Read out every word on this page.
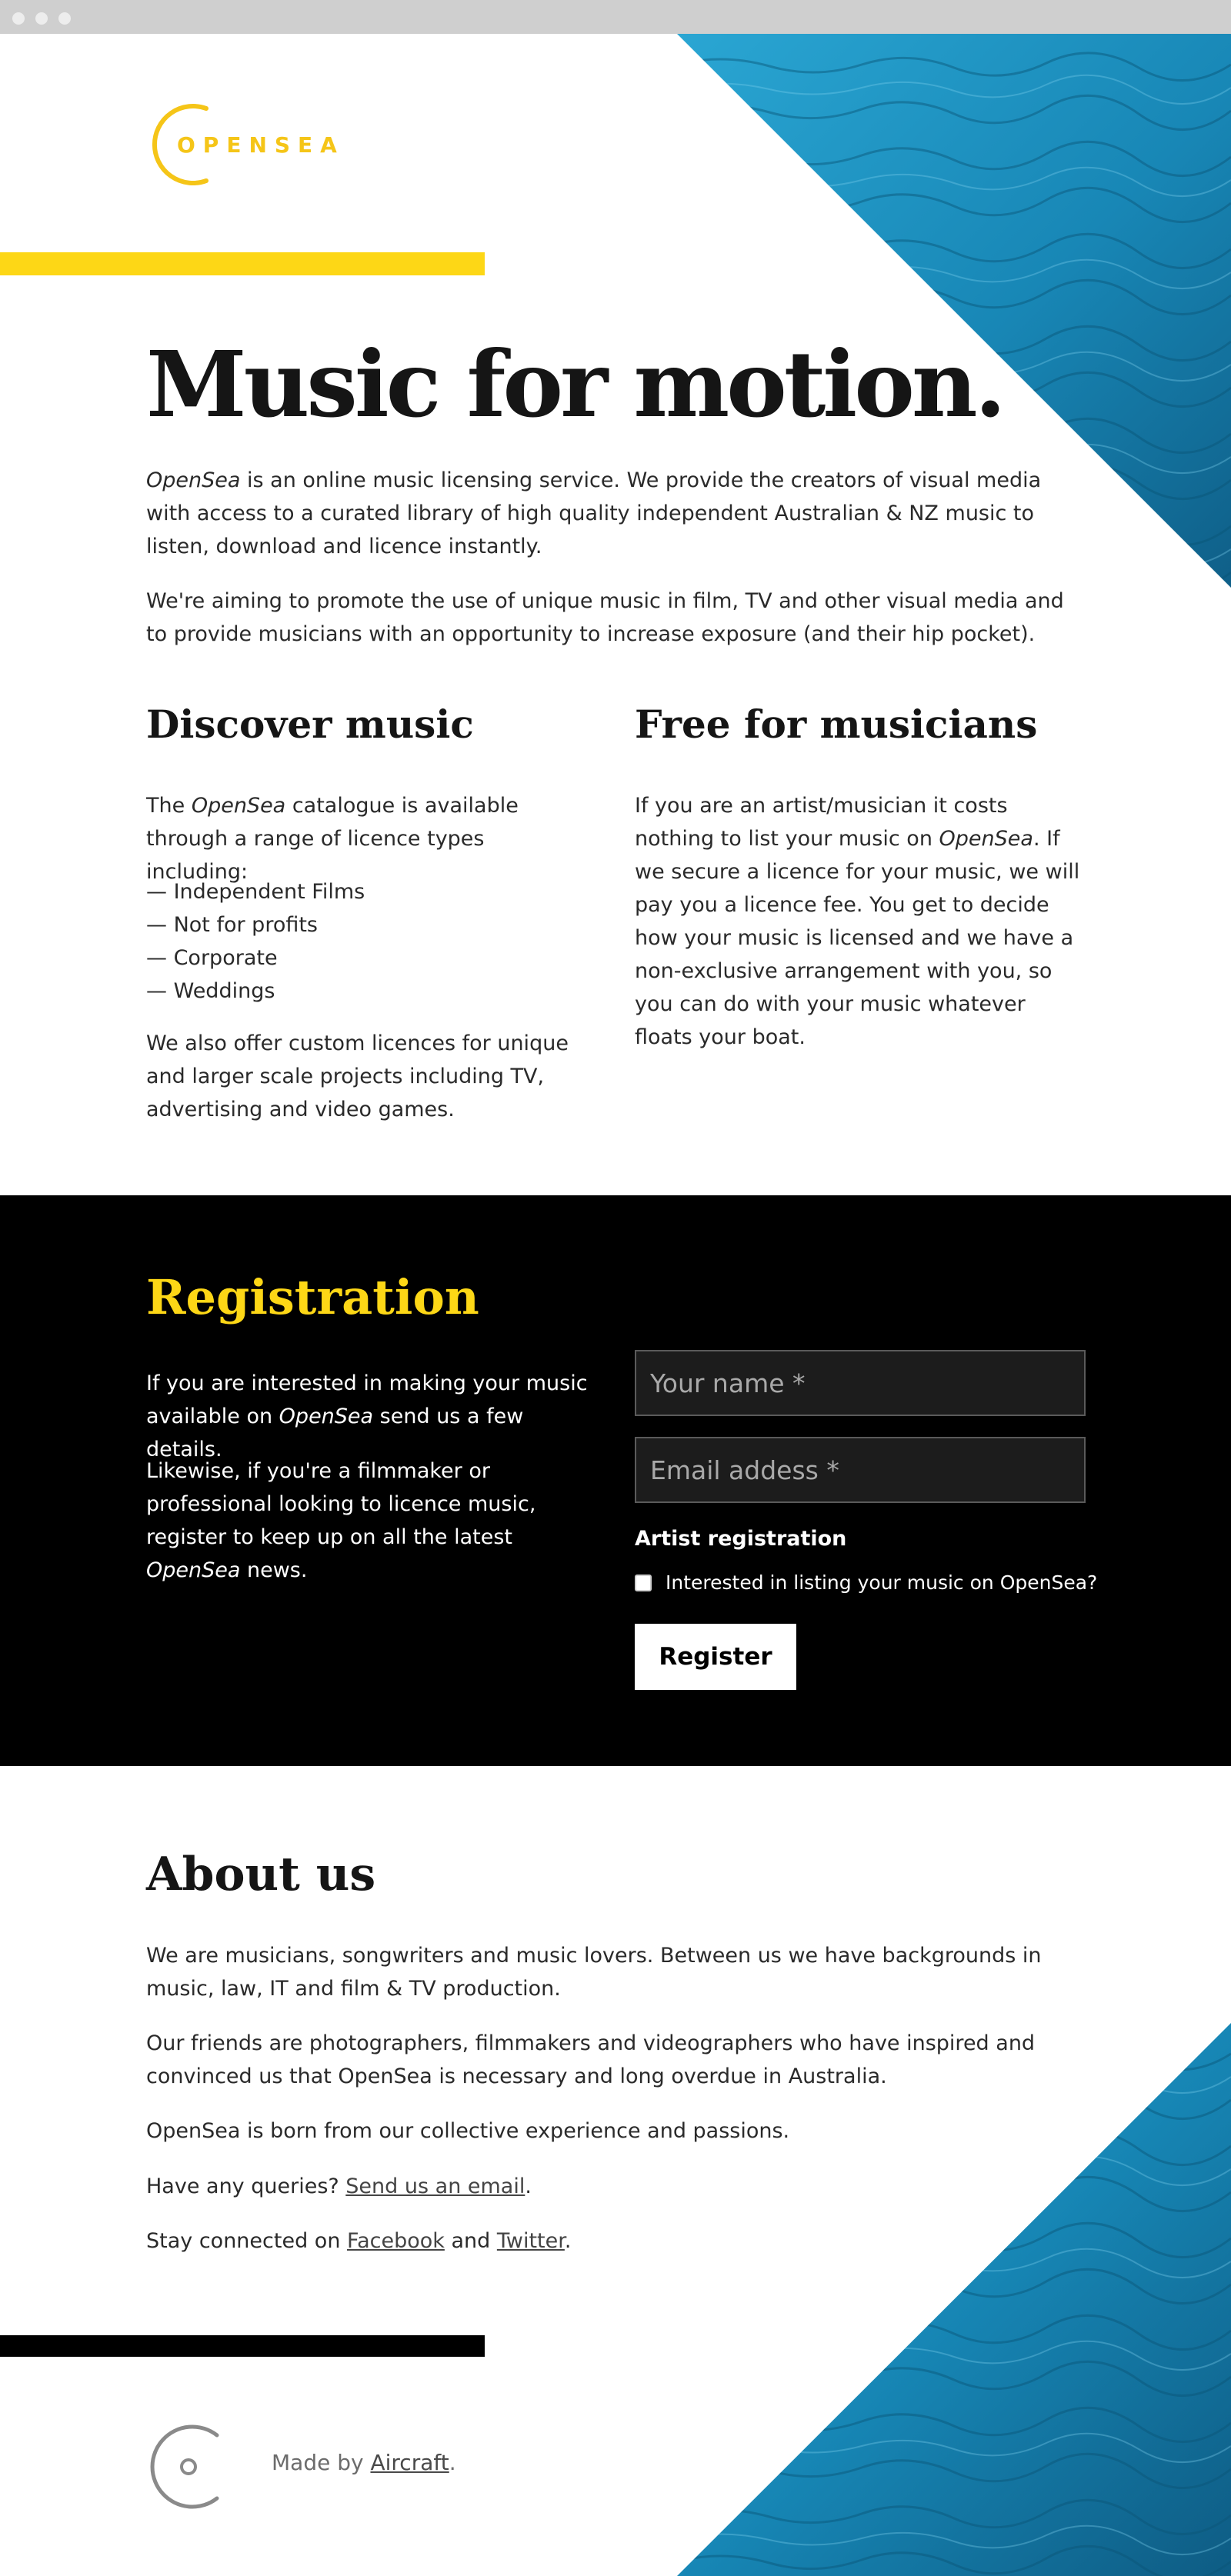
OPENSEA
Music for motion.

OpenSea is an online music licensing service. We provide the creators of visual media with access to a curated library of high quality independent Australian & NZ music to listen, download and licence instantly.

We're aiming to promote the use of unique music in film, TV and other visual media and to provide musicians with an opportunity to increase exposure (and their hip pocket).

Discover music

The OpenSea catalogue is available through a range of licence types including:

— Independent Films
— Not for profits
— Corporate
— Weddings

We also offer custom licences for unique and larger scale projects including TV, advertising and video games.

Free for musicians

If you are an artist/musician it costs nothing to list your music on OpenSea. If we secure a licence for your music, we will pay you a licence fee. You get to decide how your music is licensed and we have a non-exclusive arrangement with you, so you can do with your music whatever floats your boat.

Registration

If you are interested in making your music available on OpenSea send us a few details.

Likewise, if you're a filmmaker or professional looking to licence music, register to keep up on all the latest OpenSea news.

Your name *
Email addess *

Artist registration

Interested in listing your music on OpenSea?
Register
About us

We are musicians, songwriters and music lovers. Between us we have backgrounds in music, law, IT and film & TV production.

Our friends are photographers, filmmakers and videographers who have inspired and convinced us that OpenSea is necessary and long overdue in Australia.

OpenSea is born from our collective experience and passions.

Have any queries? Send us an email.

Stay connected on Facebook and Twitter.

Made by Aircraft.
